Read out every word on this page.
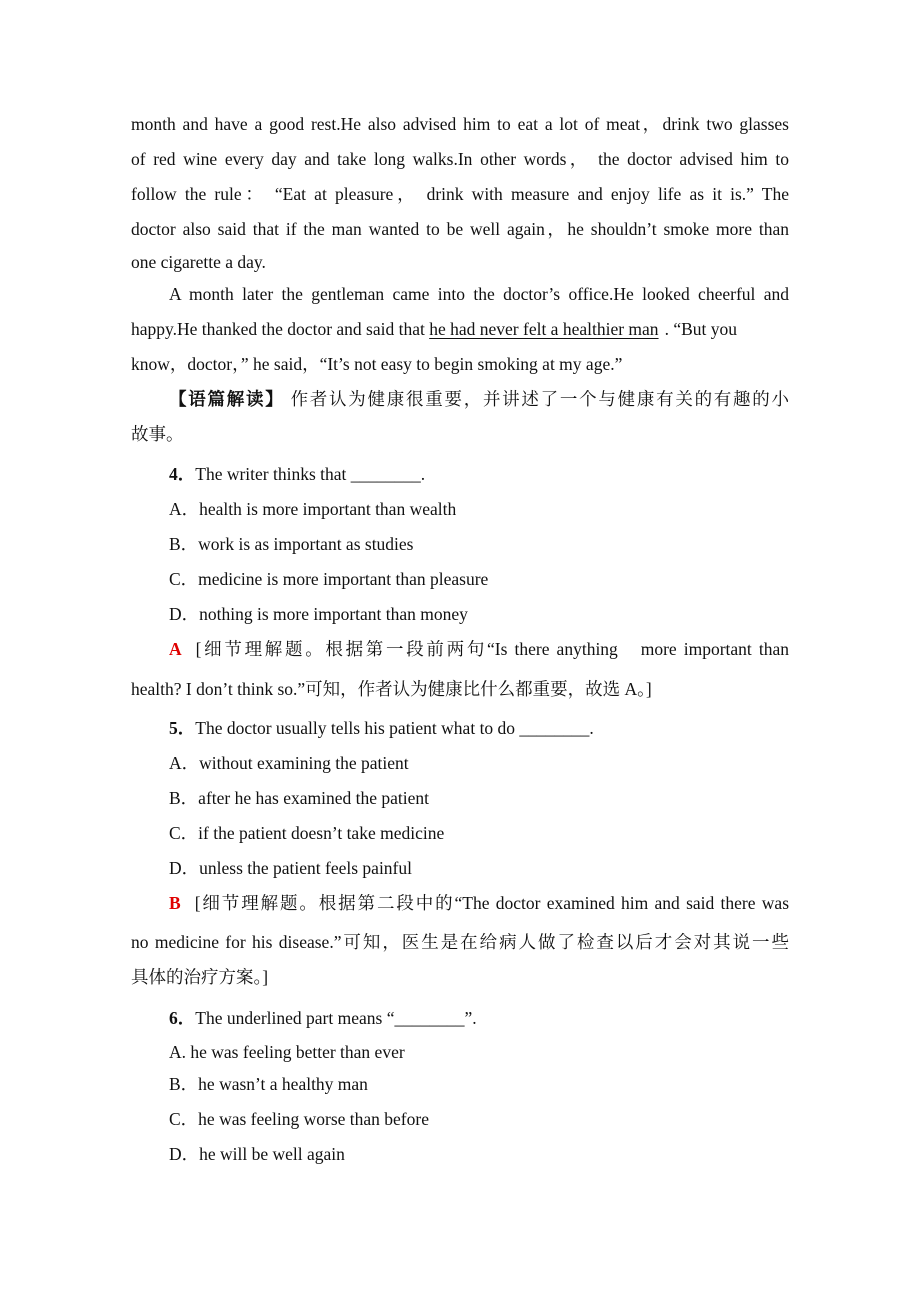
month and have a good rest.He also advised him to eat a lot of meat，drink two glasses
of red wine every day and take long walks.In other words， the doctor advised him to
follow the rule： “Eat at pleasure， drink with measure and enjoy life as it is.” The
doctor also said that if the man wanted to be well again，he shouldn’t smoke more than
one cigarette a day.
A month later the gentleman came into the doctor’s office.He looked cheerful and
happy.He thanked the doctor and said that he had never felt a healthier man . “But you
know，doctor，” he said，“It’s not easy to begin smoking at my age.”
【语篇解读】 作者认为健康很重要，并讲述了一个与健康有关的有趣的小
故事。
4．The writer thinks that ________.
A．health is more important than wealth
B．work is as important as studies
C．medicine is more important than pleasure
D．nothing is more important than money
A [细节理解题。根据第一段前两句“Is there anything　more important than
health? I don’t think so.”可知，作者认为健康比什么都重要，故选 A。]
5．The doctor usually tells his patient what to do ________.
A．without examining the patient
B．after he has examined the patient
C．if the patient doesn’t take medicine
D．unless the patient feels painful
B [细节理解题。根据第二段中的“The doctor examined him and said there was
no medicine for his disease.”可知，医生是在给病人做了检查以后才会对其说一些
具体的治疗方案。]
6．The underlined part means “________”.
A. he was feeling better than ever
B．he wasn’t a healthy man
C．he was feeling worse than before
D．he will be well again
